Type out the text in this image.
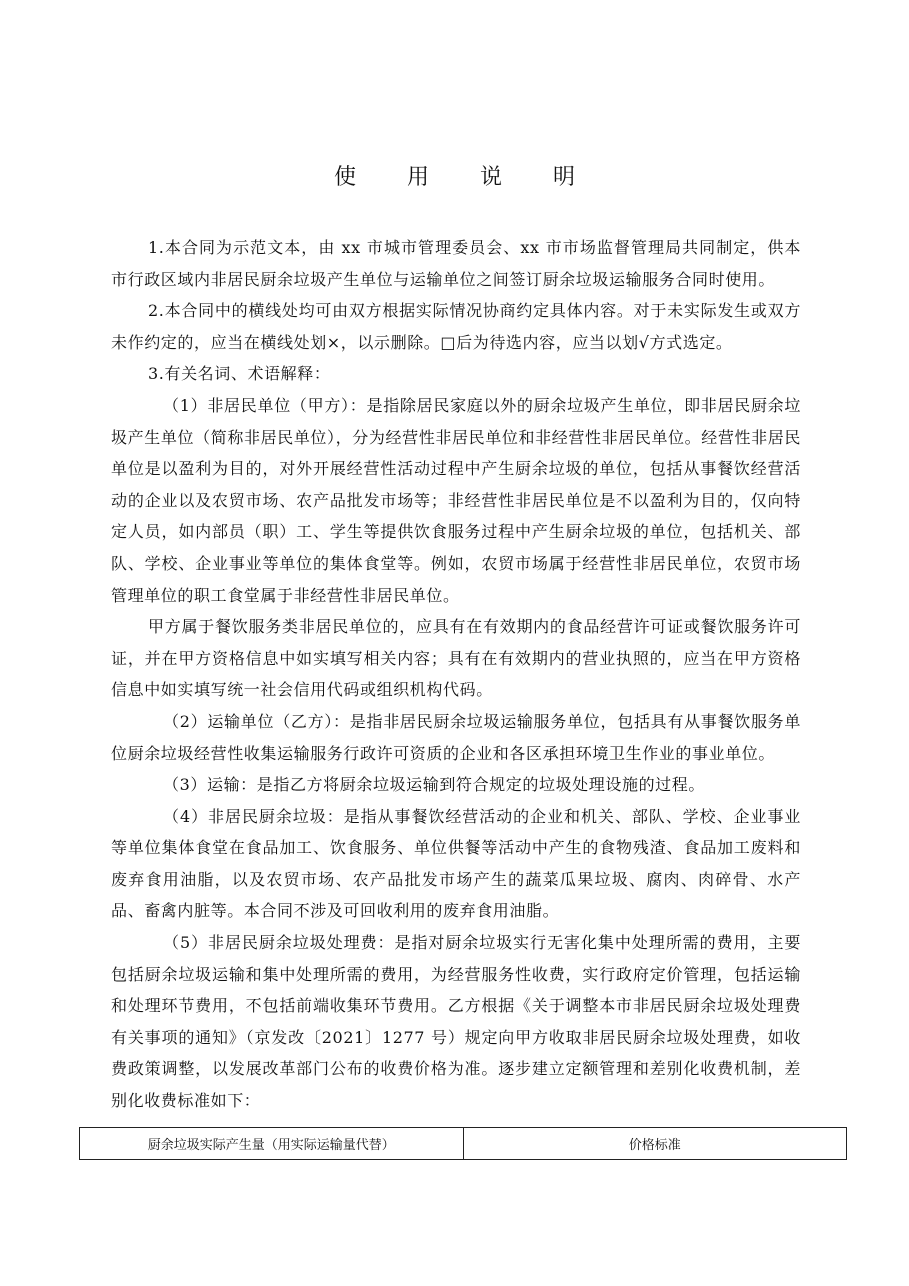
使 用 说 明

1.本合同为示范文本，由 xx 市城市管理委员会、xx 市市场监督管理局共同制定，供本市行政区域内非居民厨余垃圾产生单位与运输单位之间签订厨余垃圾运输服务合同时使用。

2.本合同中的横线处均可由双方根据实际情况协商约定具体内容。对于未实际发生或双方未作约定的，应当在横线处划×，以示删除。□后为待选内容，应当以划√方式选定。

3.有关名词、术语解释：

（1）非居民单位（甲方）：是指除居民家庭以外的厨余垃圾产生单位，即非居民厨余垃圾产生单位（简称非居民单位），分为经营性非居民单位和非经营性非居民单位。经营性非居民单位是以盈利为目的，对外开展经营性活动过程中产生厨余垃圾的单位，包括从事餐饮经营活动的企业以及农贸市场、农产品批发市场等；非经营性非居民单位是不以盈利为目的，仅向特定人员，如内部员（职）工、学生等提供饮食服务过程中产生厨余垃圾的单位，包括机关、部队、学校、企业事业等单位的集体食堂等。例如，农贸市场属于经营性非居民单位，农贸市场管理单位的职工食堂属于非经营性非居民单位。

甲方属于餐饮服务类非居民单位的，应具有在有效期内的食品经营许可证或餐饮服务许可证，并在甲方资格信息中如实填写相关内容；具有在有效期内的营业执照的，应当在甲方资格信息中如实填写统一社会信用代码或组织机构代码。

（2）运输单位（乙方）：是指非居民厨余垃圾运输服务单位，包括具有从事餐饮服务单位厨余垃圾经营性收集运输服务行政许可资质的企业和各区承担环境卫生作业的事业单位。

（3）运输：是指乙方将厨余垃圾运输到符合规定的垃圾处理设施的过程。

（4）非居民厨余垃圾：是指从事餐饮经营活动的企业和机关、部队、学校、企业事业等单位集体食堂在食品加工、饮食服务、单位供餐等活动中产生的食物残渣、食品加工废料和废弃食用油脂，以及农贸市场、农产品批发市场产生的蔬菜瓜果垃圾、腐肉、肉碎骨、水产品、畜禽内脏等。本合同不涉及可回收利用的废弃食用油脂。

（5）非居民厨余垃圾处理费：是指对厨余垃圾实行无害化集中处理所需的费用，主要包括厨余垃圾运输和集中处理所需的费用，为经营服务性收费，实行政府定价管理，包括运输和处理环节费用，不包括前端收集环节费用。乙方根据《关于调整本市非居民厨余垃圾处理费有关事项的通知》（京发改〔2021〕1277 号）规定向甲方收取非居民厨余垃圾处理费，如收费政策调整，以发展改革部门公布的收费价格为准。逐步建立定额管理和差别化收费机制，差别化收费标准如下：

厨余垃圾实际产生量（用实际运输量代替）	价格标准
